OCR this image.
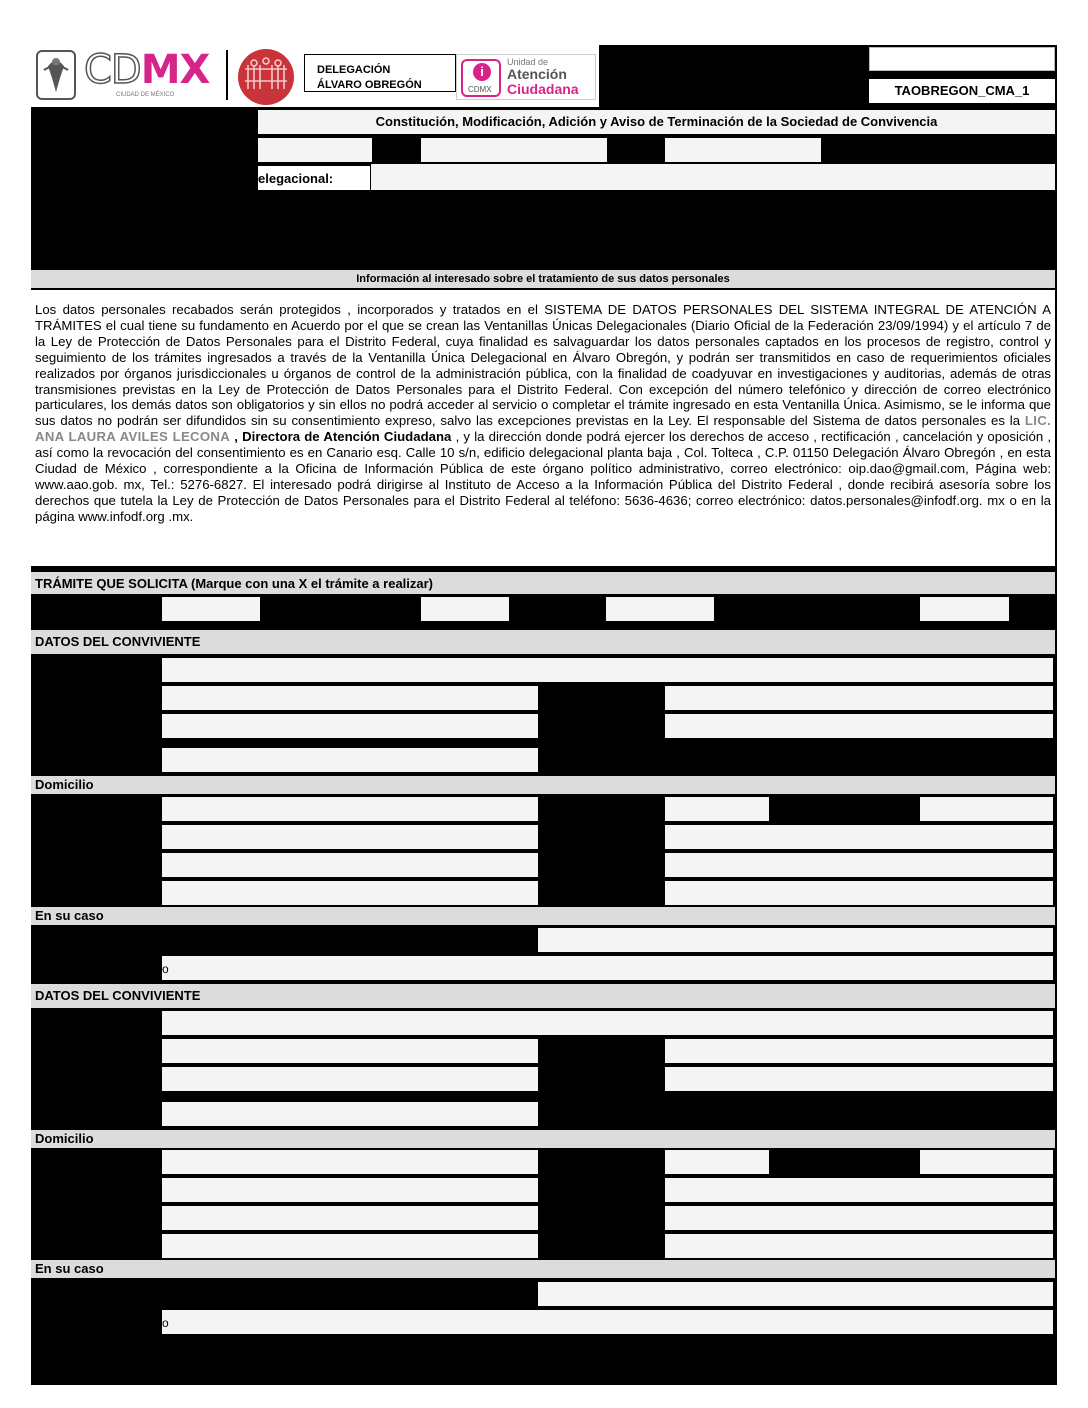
CDMX
CIUDAD DE MÉXICO
DELEGACIÓN
ÁLVARO OBREGÓN
i
CDMX
Unidad de
Atención
Ciudadana	TAOBREGON_CMA_1
Constitución, Modificación, Adición y Aviso de Terminación de la Sociedad de Convivencia
elegacional:
Información al interesado sobre el tratamiento de sus datos personales
Los datos personales recabados serán protegidos , incorporados y tratados en el SISTEMA DE DATOS PERSONALES DEL SISTEMA INTEGRAL DE ATENCIÓN A TRÁMITES el cual tiene su fundamento en Acuerdo por el que se crean las Ventanillas Únicas Delegacionales (Diario Oficial de la Federación 23/09/1994) y el artículo 7 de la Ley de Protección de Datos Personales para el Distrito Federal, cuya finalidad es salvaguardar los datos personales captados en los procesos de registro, control y seguimiento de los trámites ingresados a través de la Ventanilla Única Delegacional en Álvaro Obregón, y podrán ser transmitidos en caso de requerimientos oficiales realizados por órganos jurisdiccionales u órganos de control de la administración pública, con la finalidad de coadyuvar en investigaciones y auditorias, además de otras transmisiones previstas en la Ley de Protección de Datos Personales para el Distrito Federal. Con excepción del número telefónico y dirección de correo electrónico particulares, los demás datos son obligatorios y sin ellos no podrá acceder al servicio o completar el trámite ingresado en esta Ventanilla Única. Asimismo, se le informa que sus datos no podrán ser difundidos sin su consentimiento expreso, salvo las excepciones previstas en la Ley. El responsable del Sistema de datos personales es la LIC. ANA LAURA AVILES LECONA , Directora de Atención Ciudadana , y la dirección donde podrá ejercer los derechos de acceso , rectificación , cancelación y oposición , así como la revocación del consentimiento es en Canario esq. Calle 10 s/n, edificio delegacional planta baja , Col. Tolteca , C.P. 01150 Delegación Álvaro Obregón , en esta Ciudad de México , correspondiente a la Oficina de Información Pública de este órgano político administrativo, correo electrónico: oip.dao@gmail.com, Página web: www.aao.gob. mx, Tel.: 5276-6827. El interesado podrá dirigirse al Instituto de Acceso a la Información Pública del Distrito Federal , donde recibirá asesoría sobre los derechos que tutela la Ley de Protección de Datos Personales para el Distrito Federal al teléfono: 5636-4636; correo electrónico: datos.personales@infodf.org. mx o en la página www.infodf.org .mx.
TRÁMITE QUE SOLICITA (Marque con una X el trámite a realizar)
DATOS DEL CONVIVIENTE
Domicilio
En su caso
o
DATOS DEL CONVIVIENTE
Domicilio
En su caso
o
